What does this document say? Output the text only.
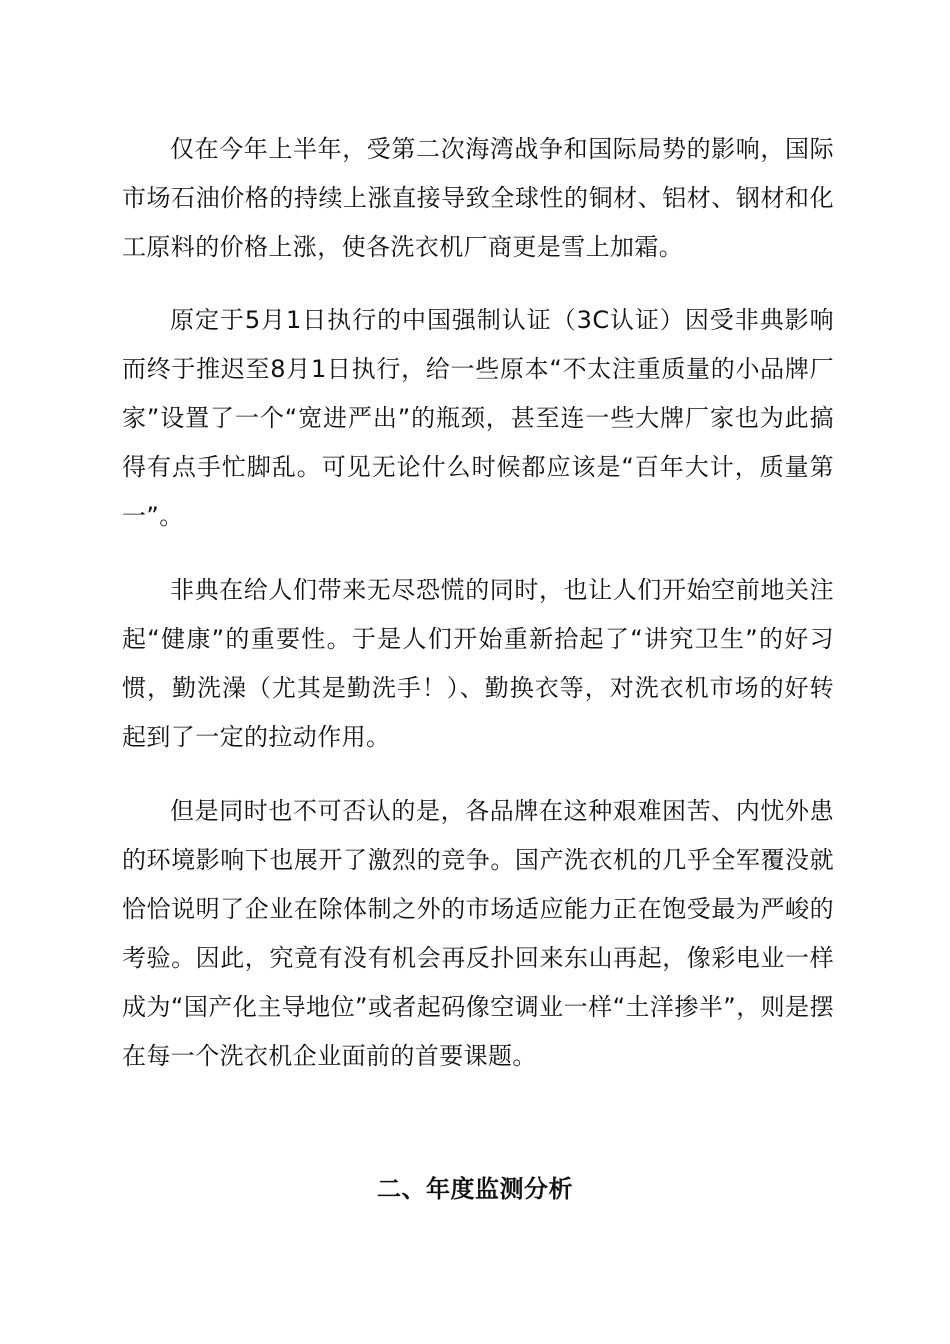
仅在今年上半年，受第二次海湾战争和国际局势的影响，国际市场石油价格的持续上涨直接导致全球性的铜材、铝材、钢材和化工原料的价格上涨，使各洗衣机厂商更是雪上加霜。

原定于5月1日执行的中国强制认证（3C认证）因受非典影响而终于推迟至8月1日执行，给一些原本“不太注重质量的小品牌厂家”设置了一个“宽进严出”的瓶颈，甚至连一些大牌厂家也为此搞得有点手忙脚乱。可见无论什么时候都应该是“百年大计，质量第一”。

非典在给人们带来无尽恐慌的同时，也让人们开始空前地关注起“健康”的重要性。于是人们开始重新拾起了“讲究卫生”的好习惯，勤洗澡（尤其是勤洗手！）、勤换衣等，对洗衣机市场的好转起到了一定的拉动作用。

但是同时也不可否认的是，各品牌在这种艰难困苦、内忧外患的环境影响下也展开了激烈的竞争。国产洗衣机的几乎全军覆没就恰恰说明了企业在除体制之外的市场适应能力正在饱受最为严峻的考验。因此，究竟有没有机会再反扑回来东山再起，像彩电业一样成为“国产化主导地位”或者起码像空调业一样“土洋掺半”，则是摆在每一个洗衣机企业面前的首要课题。

二、年度监测分析
